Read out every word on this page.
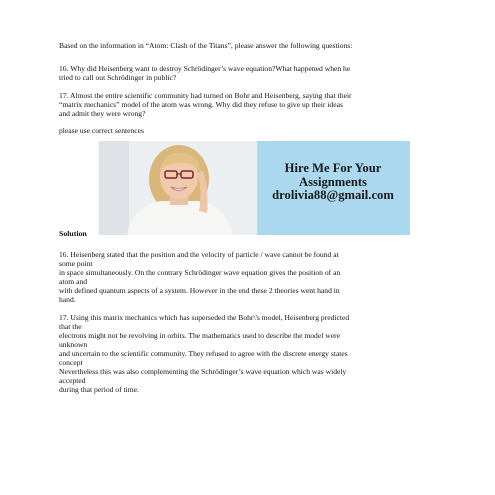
Based on the information in “Atom: Clash of the Titans”, please answer the following questions:

16. Why did Heisenberg want to destroy Schrödinger’s wave equation?What happened when he

tried to call out Schrödinger in public?

17. Almost the entire scientific community had turned on Bohr and Heisenberg, saying that their

“matrix mechanics” model of the atom was wrong. Why did they refuse to give up their ideas

and admit they were wrong?

please use correct sentences

Hire Me For Your
Assignments
drolivia88@gmail.com
Solution

16. Heisenberg stated that the position and the velocity of particle / wave cannot be found at

some point

in space simultaneously. On the contrary Schrödinger wave equation gives the position of an

atom and

with defined quantum aspects of a system. However in the end these 2 theories went hand in

hand.

17. Using this matrix mechanics which has superseded the Bohr\'s model, Heisenberg predicted

that the

electrons might not be revolving in orbits. The mathematics used to describe the model were

unknown

and uncertain to the scientific community. They refused to agree with the discrete energy states

concept

Nevertheless this was also complementing the Schrödinger’s wave equation which was widely

accepted

during that period of time.
